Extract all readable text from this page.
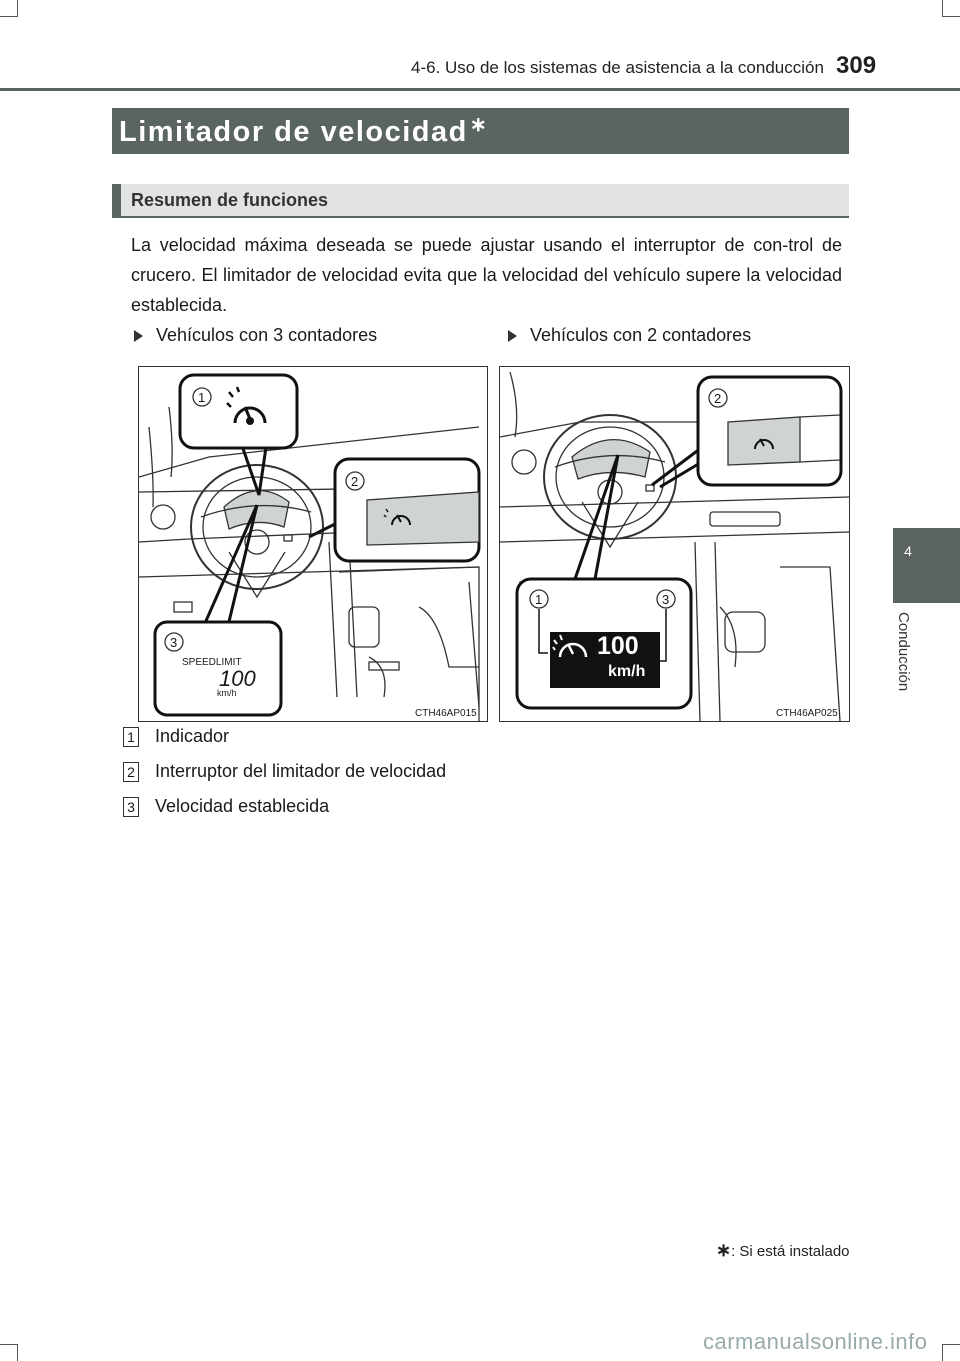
4-6. Uso de los sistemas de asistencia a la conducción 309
4
Conducción
Limitador de velocidad ∗
Resumen de funciones
La velocidad máxima deseada se puede ajustar usando el interruptor de con-trol de crucero. El limitador de velocidad evita que la velocidad del vehículo supere la velocidad establecida.
Vehículos con 3 contadores	Vehículos con 2 contadores
1
2
3
SPEEDLIMIT
100
km/h
CTH46AP015
2
1	3
100
km/h
CTH46AP025
1 Indicador
2 Interruptor del limitador de velocidad
3 Velocidad establecida
∗: Si está instalado
carmanualsonline.info
